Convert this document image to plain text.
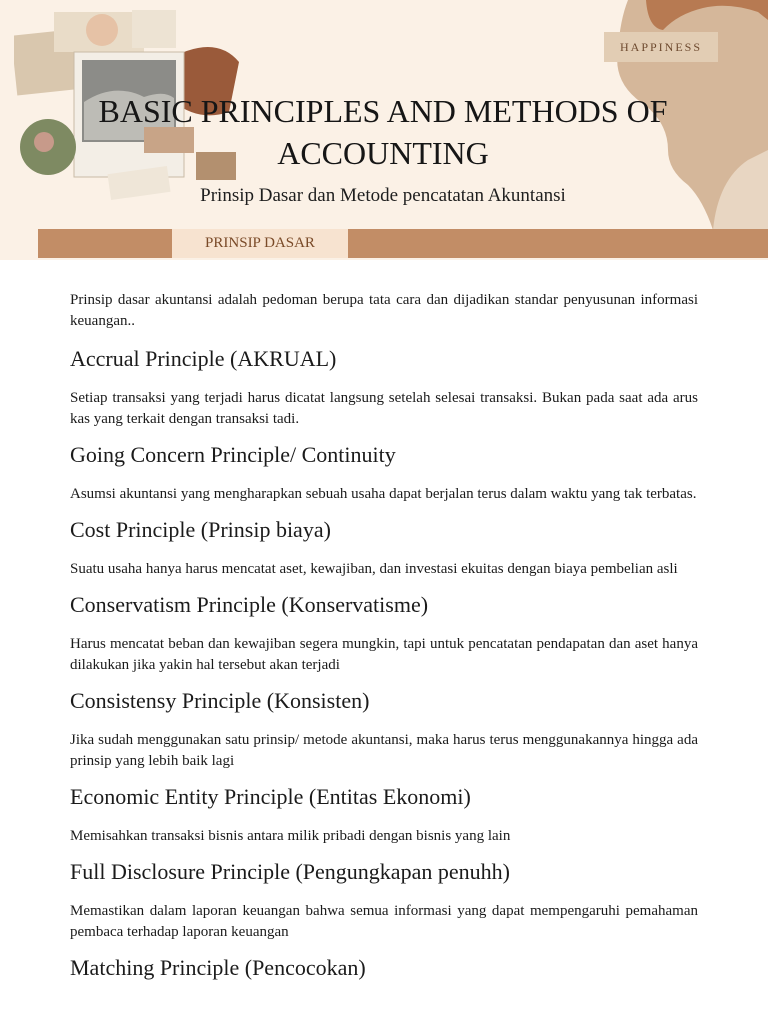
HAPPINESS
BASIC PRINCIPLES AND METHODS OF ACCOUNTING

Prinsip Dasar dan Metode pencatatan Akuntansi

PRINSIP DASAR

Prinsip dasar akuntansi adalah pedoman berupa tata cara dan dijadikan standar penyusunan informasi keuangan..

Accrual Principle (AKRUAL)

Setiap transaksi yang terjadi harus dicatat langsung setelah selesai transaksi. Bukan pada saat ada arus kas yang terkait dengan transaksi tadi.

Going Concern Principle/ Continuity

Asumsi akuntansi yang mengharapkan sebuah usaha dapat berjalan terus dalam waktu yang tak terbatas.

Cost Principle (Prinsip biaya)

Suatu usaha hanya harus mencatat aset, kewajiban, dan investasi ekuitas dengan biaya pembelian asli

Conservatism Principle (Konservatisme)

Harus mencatat beban dan kewajiban segera mungkin, tapi untuk pencatatan pendapatan dan aset hanya dilakukan jika yakin hal tersebut akan terjadi

Consistensy Principle (Konsisten)

Jika sudah menggunakan satu prinsip/ metode akuntansi, maka harus terus menggunakannya hingga ada prinsip yang lebih baik lagi

Economic Entity Principle (Entitas Ekonomi)

Memisahkan transaksi bisnis antara milik pribadi dengan bisnis yang lain

Full Disclosure Principle (Pengungkapan penuhh)

Memastikan dalam laporan keuangan bahwa semua informasi yang dapat mempengaruhi pemahaman pembaca terhadap laporan keuangan

Matching Principle (Pencocokan)
